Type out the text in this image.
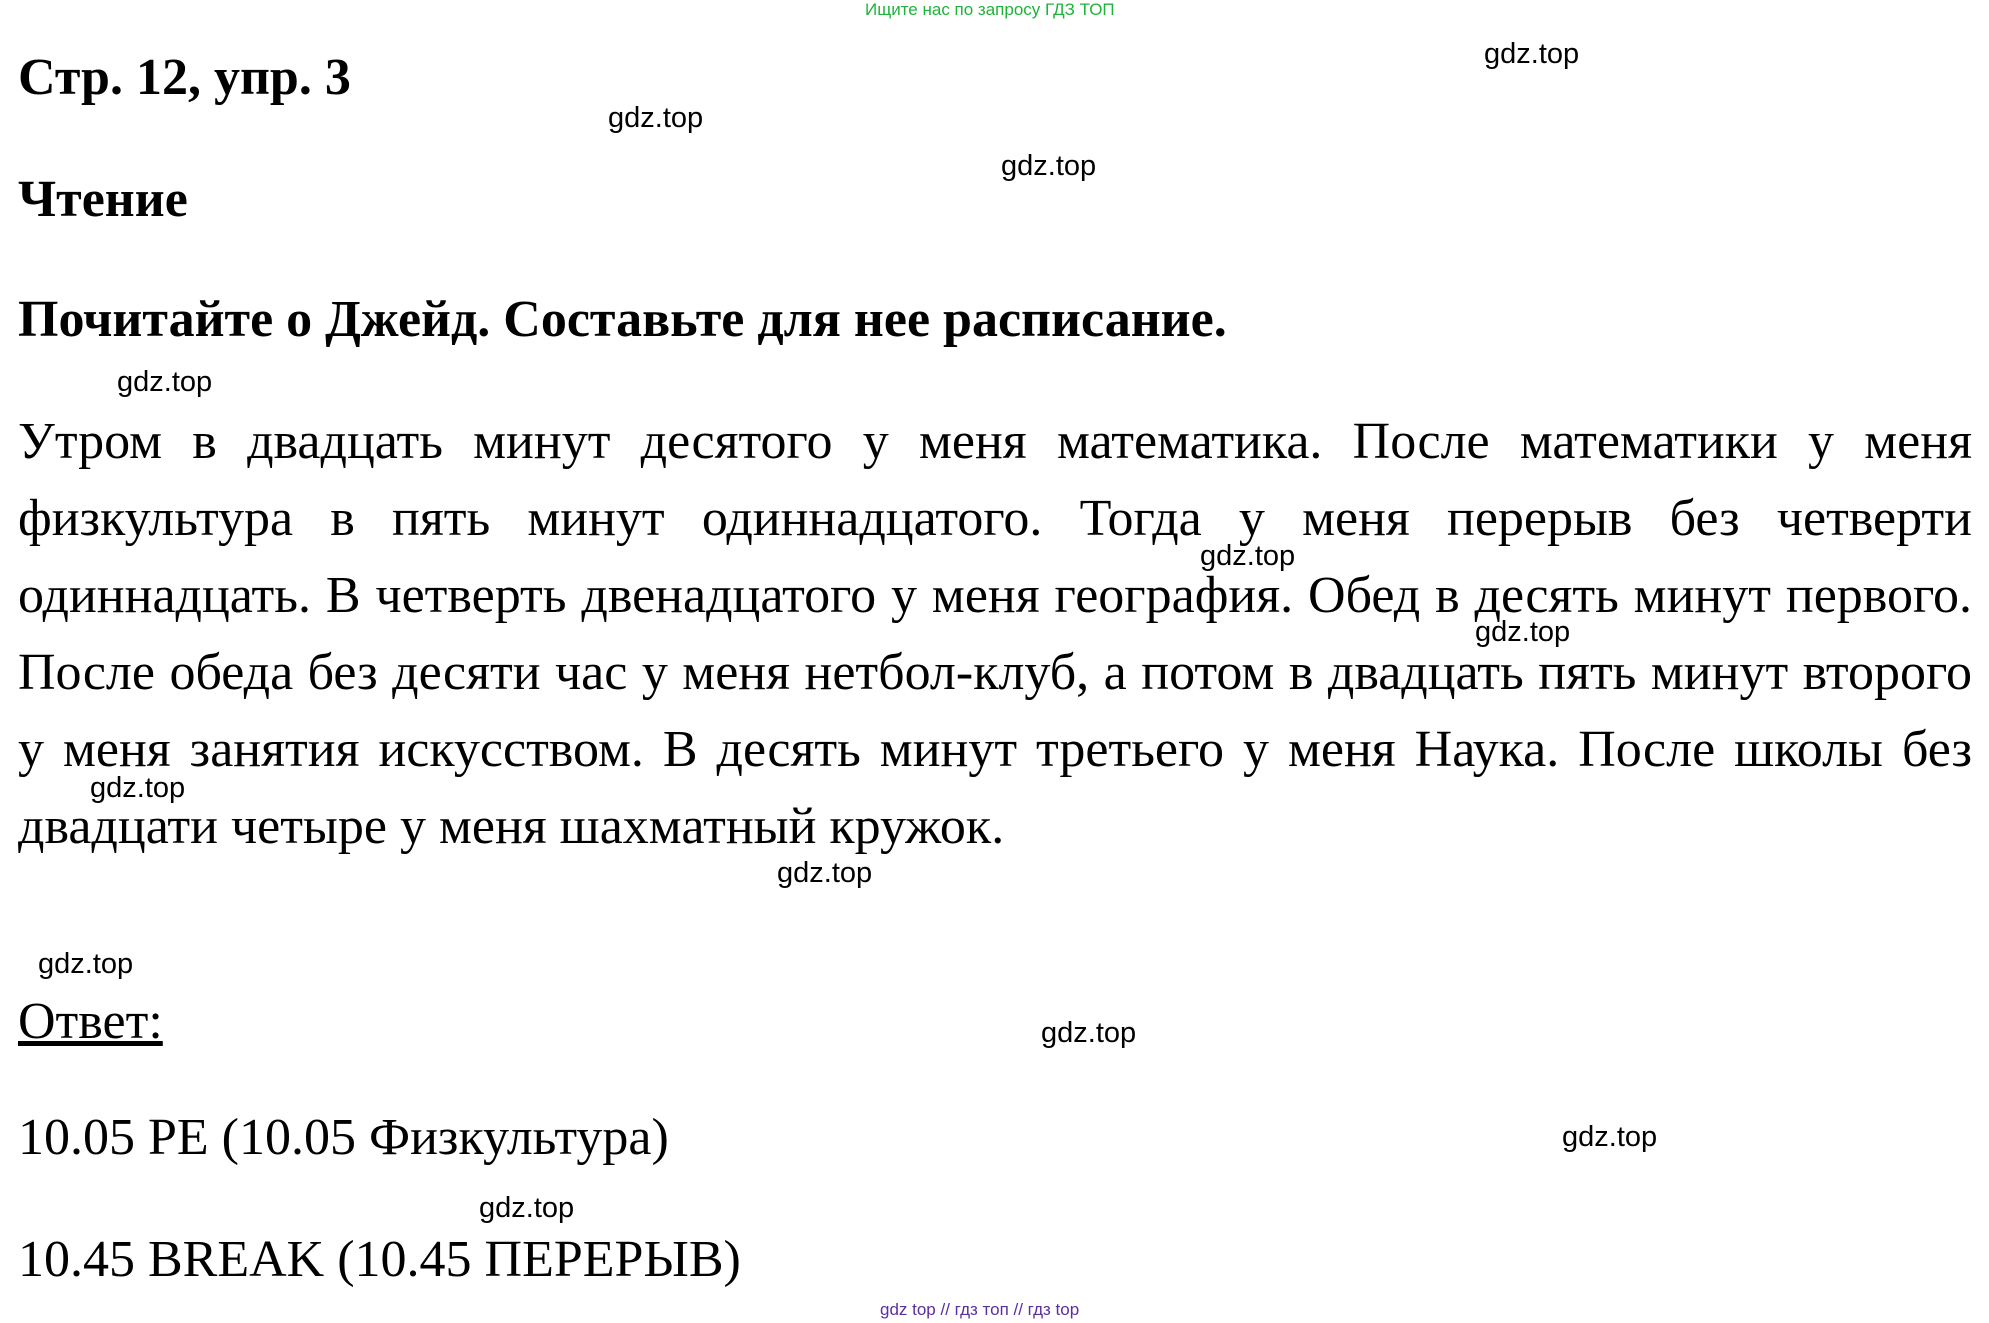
Ищите нас по запросу ГДЗ ТОП
Стр. 12, упр. 3
Чтение
Почитайте о Джейд. Составьте для нее расписание.
Утром в двадцать минут десятого у меня математика. После математики у меня физкультура в пять минут одиннадцатого. Тогда у меня перерыв без четверти одиннадцать. В четверть двенадцатого у меня география. Обед в десять минут первого. После обеда без десяти час у меня нетбол-клуб, а потом в двадцать пять минут второго у меня занятия искусством. В десять минут третьего у меня Наука. После школы без двадцати четыре у меня шахматный кружок.
Ответ:
10.05 PE (10.05 Физкультура)
10.45 BREAK (10.45 ПЕРЕРЫВ)
gdz.top
gdz.top
gdz.top
gdz.top
gdz.top
gdz.top
gdz.top
gdz.top
gdz.top
gdz.top
gdz.top
gdz.top
gdz top // гдз топ // гдз top
